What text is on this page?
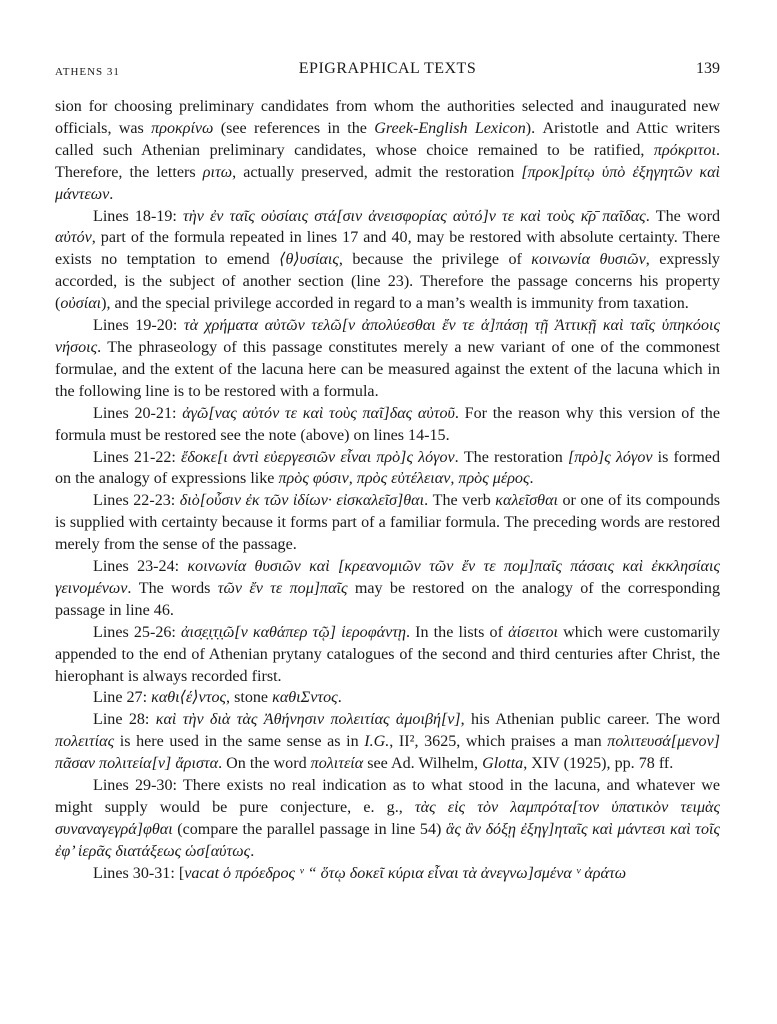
ATHENS 31	EPIGRAPHICAL TEXTS	139

sion for choosing preliminary candidates from whom the authorities selected and inaugurated new officials, was προκρίνω (see references in the Greek-English Lexicon). Aristotle and Attic writers called such Athenian preliminary candidates, whose choice remained to be ratified, πρόκριτοι. Therefore, the letters ριτω, actually preserved, admit the restoration [προκ]ρίτῳ ὑπὸ ἐξηγητῶν καὶ μάντεων.

Lines 18-19: τὴν ἐν ταῖς οὐσίαις στά[σιν ἀνεισφορίας αὐτό]ν τε καὶ τοὺς κ̄ρ̄ παῖδας. The word αὐτόν, part of the formula repeated in lines 17 and 40, may be restored with absolute certainty. There exists no temptation to emend ⟨θ⟩υσίαις, because the privilege of κοινωνία θυσιῶν, expressly accorded, is the subject of another section (line 23). Therefore the passage concerns his property (οὐσίαι), and the special privilege accorded in regard to a man’s wealth is immunity from taxation.

Lines 19-20: τὰ χρήματα αὐτῶν τελῶ[ν ἀπολύεσθαι ἔν τε ἁ]πάσῃ τῇ Ἀττικῇ καὶ ταῖς ὑπηκόοις νήσοις. The phraseology of this passage constitutes merely a new variant of one of the commonest formulae, and the extent of the lacuna here can be measured against the extent of the lacuna which in the following line is to be restored with a formula.

Lines 20-21: ἀγῶ[νας αὐτόν τε καὶ τοὺς παῖ]δας αὐτοῦ. For the reason why this version of the formula must be restored see the note (above) on lines 14-15.

Lines 21-22: ἔδοκε[ι ἀντὶ εὐεργεσιῶν εἶναι πρὸ]ς λόγον. The restoration [πρὸ]ς λόγον is formed on the analogy of expressions like πρὸς φύσιν, πρὸς εὐτέλειαν, πρὸς μέρος.

Lines 22-23: διὸ[οὖσιν ἐκ τῶν ἰδίων· εἰσκαλεῖσ]θαι. The verb καλεῖσθαι or one of its compounds is supplied with certainty because it forms part of a familiar formula. The preceding words are restored merely from the sense of the passage.

Lines 23-24: κοινωνία θυσιῶν καὶ [κρεανομιῶν τῶν ἔν τε πομ]παῖς πάσαις καὶ ἐκκλησίαις γεινομένων. The words τῶν ἔν τε πομ]παῖς may be restored on the analogy of the corresponding passage in line 46.

Lines 25-26: ἀισ̣ε̣ι̣τ̣ι̣ῶ[ν καθάπερ τῷ] ἱεροφάντῃ. In the lists of ἀίσειτοι which were customarily appended to the end of Athenian prytany catalogues of the second and third centuries after Christ, the hierophant is always recorded first.

Line 27: καθι⟨έ⟩ντος, stone καθιΣντος.

Line 28: καὶ τὴν διὰ τὰς Ἀθήνησιν πολειτίας ἀμοιβή[ν], his Athenian public career. The word πολειτίας is here used in the same sense as in I.G., II², 3625, which praises a man πολιτευσά[μενον] πᾶσαν πολιτεία[ν] ἄριστα. On the word πολιτεία see Ad. Wilhelm, Glotta, XIV (1925), pp. 78 ff.

Lines 29-30: There exists no real indication as to what stood in the lacuna, and whatever we might supply would be pure conjecture, e. g., τὰς εἰς τὸν λαμπρότα[τον ὑπατικὸν τειμὰς συναναγεγρά]φθαι (compare the parallel passage in line 54) ἃς ἂν δόξῃ ἐξηγ]ηταῖς καὶ μάντεσι καὶ τοῖς ἐφ’ ἱερᾶς διατάξεως ὡσ[αύτως.

Lines 30-31: [vacat ὁ πρόεδρος ᵛ “ ὅτῳ δοκεῖ κύρια εἶναι τὰ ἀνεγνω]σμένα ᵛ ἀράτω
